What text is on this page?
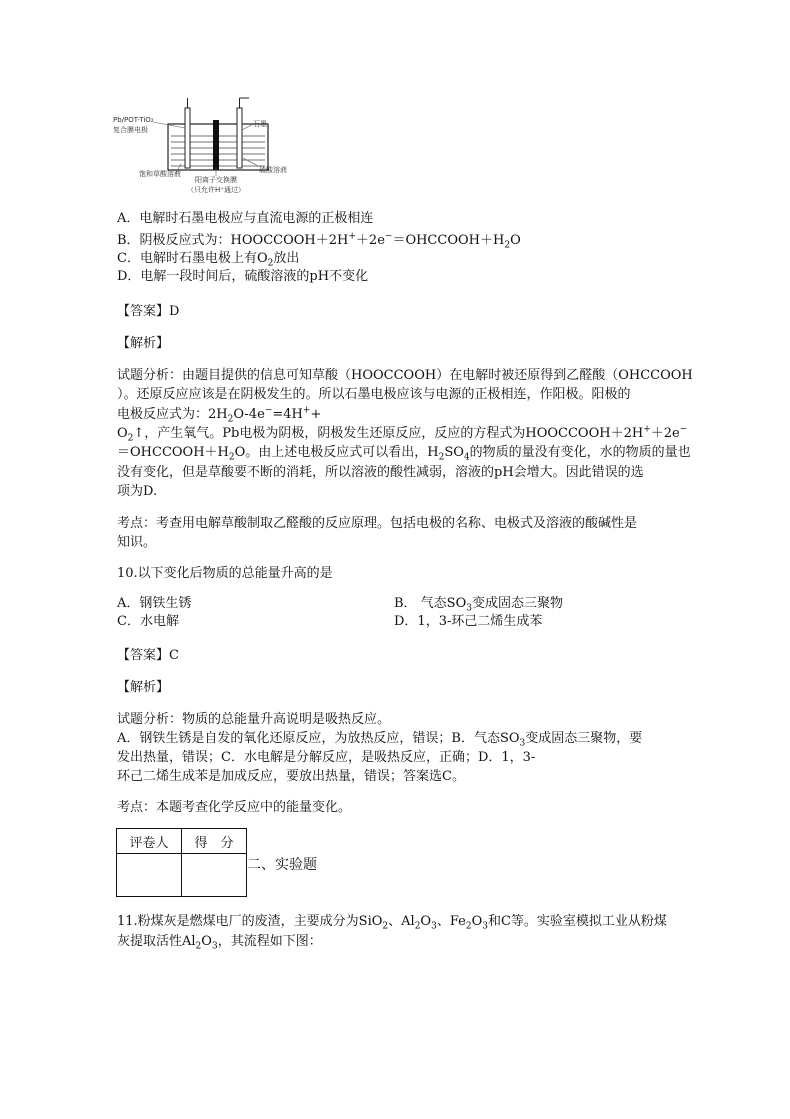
Pb/POT-TiO₂
复合膜电极
石墨
硫酸溶液
饱和草酸溶液
阳离子交换膜
（只允许H⁺通过）
A．电解时石墨电极应与直流电源的正极相连
B．阴极反应式为：$HOOCCOOH+2H^++2e^-=OHCCOOH+H_2O$
C．电解时石墨电极上有$O_2$放出
D．电解一段时间后，硫酸溶液的pH不变化
【答案】D
【解析】
试题分析：由题目提供的信息可知草酸（HOOCCOOH）在电解时被还原得到乙醛酸（OHCCOOH
）。还原反应应该是在阴极发生的。所以石墨电极应该与电源的正极相连，作阳极。阳极的
电极反应式为：$2H_2O-4e^-=4H^++$
$O_2↑$，产生氧气。Pb电极为阴极，阴极发生还原反应，反应的方程式为HOOCCOOH＋2H+＋2e−
$=OHCCOOH+H_2O$。由上述电极反应式可以看出，$H_2SO_4$的物质的量没有变化，水的物质的量也
没有变化，但是草酸要不断的消耗，所以溶液的酸性减弱，溶液的pH会增大。因此错误的选
项为D.
考点：考查用电解草酸制取乙醛酸的反应原理。包括电极的名称、电极式及溶液的酸碱性是
知识。
10.以下变化后物质的总能量升高的是
A．钢铁生锈	B． 气态$SO_3$变成固态三聚物
C．水电解	D．1，3-环己二烯生成苯
【答案】C
【解析】
试题分析：物质的总能量升高说明是吸热反应。
A．钢铁生锈是自发的氧化还原反应，为放热反应，错误；B．气态$SO_3$变成固态三聚物，要
发出热量，错误；C．水电解是分解反应，是吸热反应，正确；D．1，3-
环己二烯生成苯是加成反应，要放出热量，错误；答案选C。
考点：本题考查化学反应中的能量变化。
评卷人	得　分

二、实验题
11.粉煤灰是燃煤电厂的废渣，主要成分为SiO$_2$、$Al_2O_3$、$Fe_2O_3$和C等。实验室模拟工业从粉煤
灰提取活性$Al_2O_3$，其流程如下图：
